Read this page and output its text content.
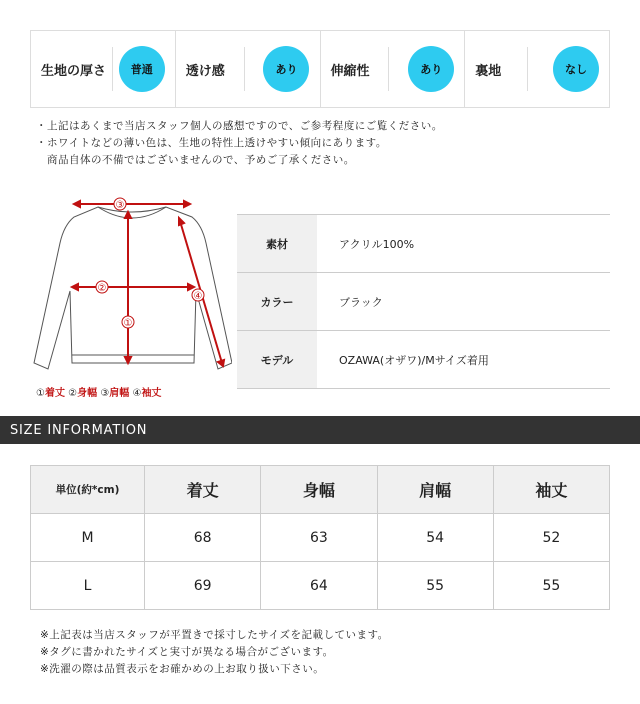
生地の厚さ	普通	透け感	あり	伸縮性	あり	裏地	なし
・上記はあくまで当店スタッフ個人の感想ですので、ご参考程度にご覧ください。
・ホワイトなどの薄い色は、生地の特性上透けやすい傾向にあります。
　商品自体の不備ではございませんので、予めご了承ください。
③
②
①
④
①着丈 ②身幅 ③肩幅 ④袖丈
素材	アクリル100%
カラー	ブラック
モデル	OZAWA(オザワ)/Mサイズ着用
SIZE INFORMATION
単位(約*cm)	着丈	身幅	肩幅	袖丈
M	68	63	54	52
L	69	64	55	55
※上記表は当店スタッフが平置きで採寸したサイズを記載しています。
※タグに書かれたサイズと実寸が異なる場合がございます。
※洗濯の際は品質表示をお確かめの上お取り扱い下さい。
